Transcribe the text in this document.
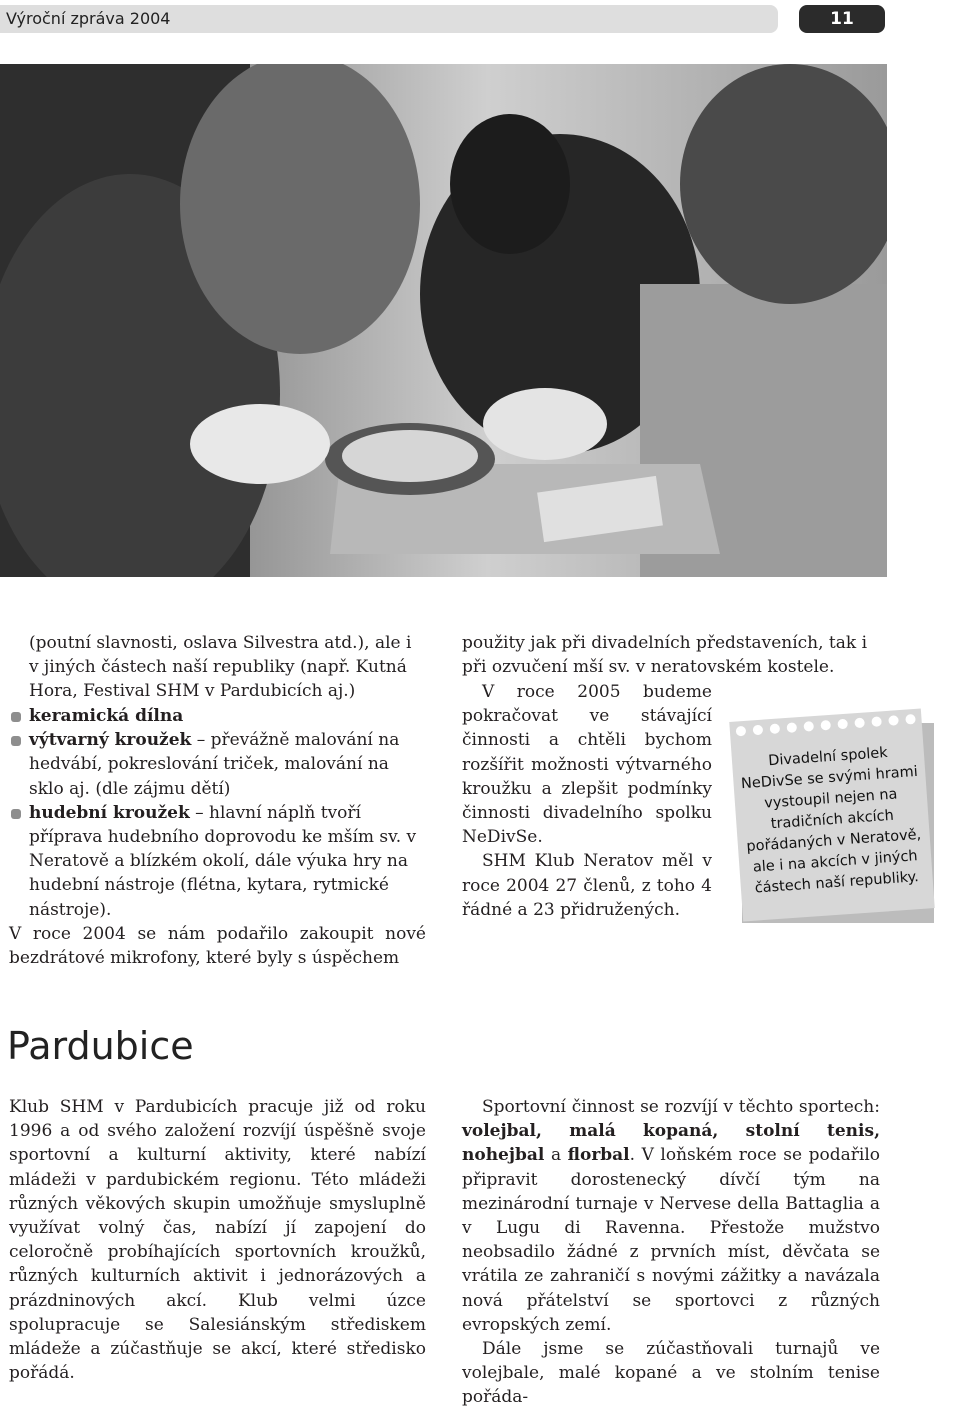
Výroční zpráva 2004	11

(poutní slavnosti, oslava Silvestra atd.), ale i v jiných částech naší republiky (např. Kutná Hora, Festival SHM v Pardubicích aj.)

keramická dílna

výtvarný kroužek – převážně malování na hedvábí, pokreslování triček, malování na sklo aj. (dle zájmu dětí)

hudební kroužek – hlavní náplň tvoří příprava hudebního doprovodu ke mším sv. v Neratově a blízkém okolí, dále výuka hry na hudební nástroje (flétna, kytara, rytmické nástroje).

V roce 2004 se nám podařilo zakoupit nové bezdrátové mikrofony, které byly s úspěchem

použity jak při divadelních představeních, tak i při ozvučení mší sv. v neratovském kostele.

V roce 2005 budeme pokračovat ve stávající činnosti a chtěli bychom rozšířit možnosti výtvarného kroužku a zlepšit podmínky činnosti divadelního spolku NeDivSe.

SHM Klub Neratov měl v roce 2004 27 členů, z toho 4 řádné a 23 přidružených.

Divadelní spolek NeDivSe se svými hrami vystoupil nejen na tradičních akcích pořádaných v Neratově, ale i na akcích v jiných částech naší republiky.
Pardubice

Klub SHM v Pardubicích pracuje již od roku 1996 a od svého založení rozvíjí úspěšně svoje sportovní a kulturní aktivity, které nabízí mládeži v pardubickém regionu. Této mládeži různých věkových skupin umožňuje smysluplně využívat volný čas, nabízí jí zapojení do celoročně probíhajících sportovních kroužků, různých kulturních aktivit i jednorázových a prázdninových akcí. Klub velmi úzce spolupracuje se Salesiánským střediskem mládeže a zúčastňuje se akcí, které středisko pořádá.

Sportovní činnost se rozvíjí v těchto sportech: volejbal, malá kopaná, stolní tenis, nohejbal a florbal. V loňském roce se podařilo připravit dorostenecký dívčí tým na mezinárodní turnaje v Nervese della Battaglia a v Lugu di Ravenna. Přestože mužstvo neobsadilo žádné z prvních míst, děvčata se vrátila ze zahraničí s novými zážitky a navázala nová přátelství se sportovci z různých evropských zemí.

Dále jsme se zúčastňovali turnajů ve volejbale, malé kopané a ve stolním tenise pořáda-
